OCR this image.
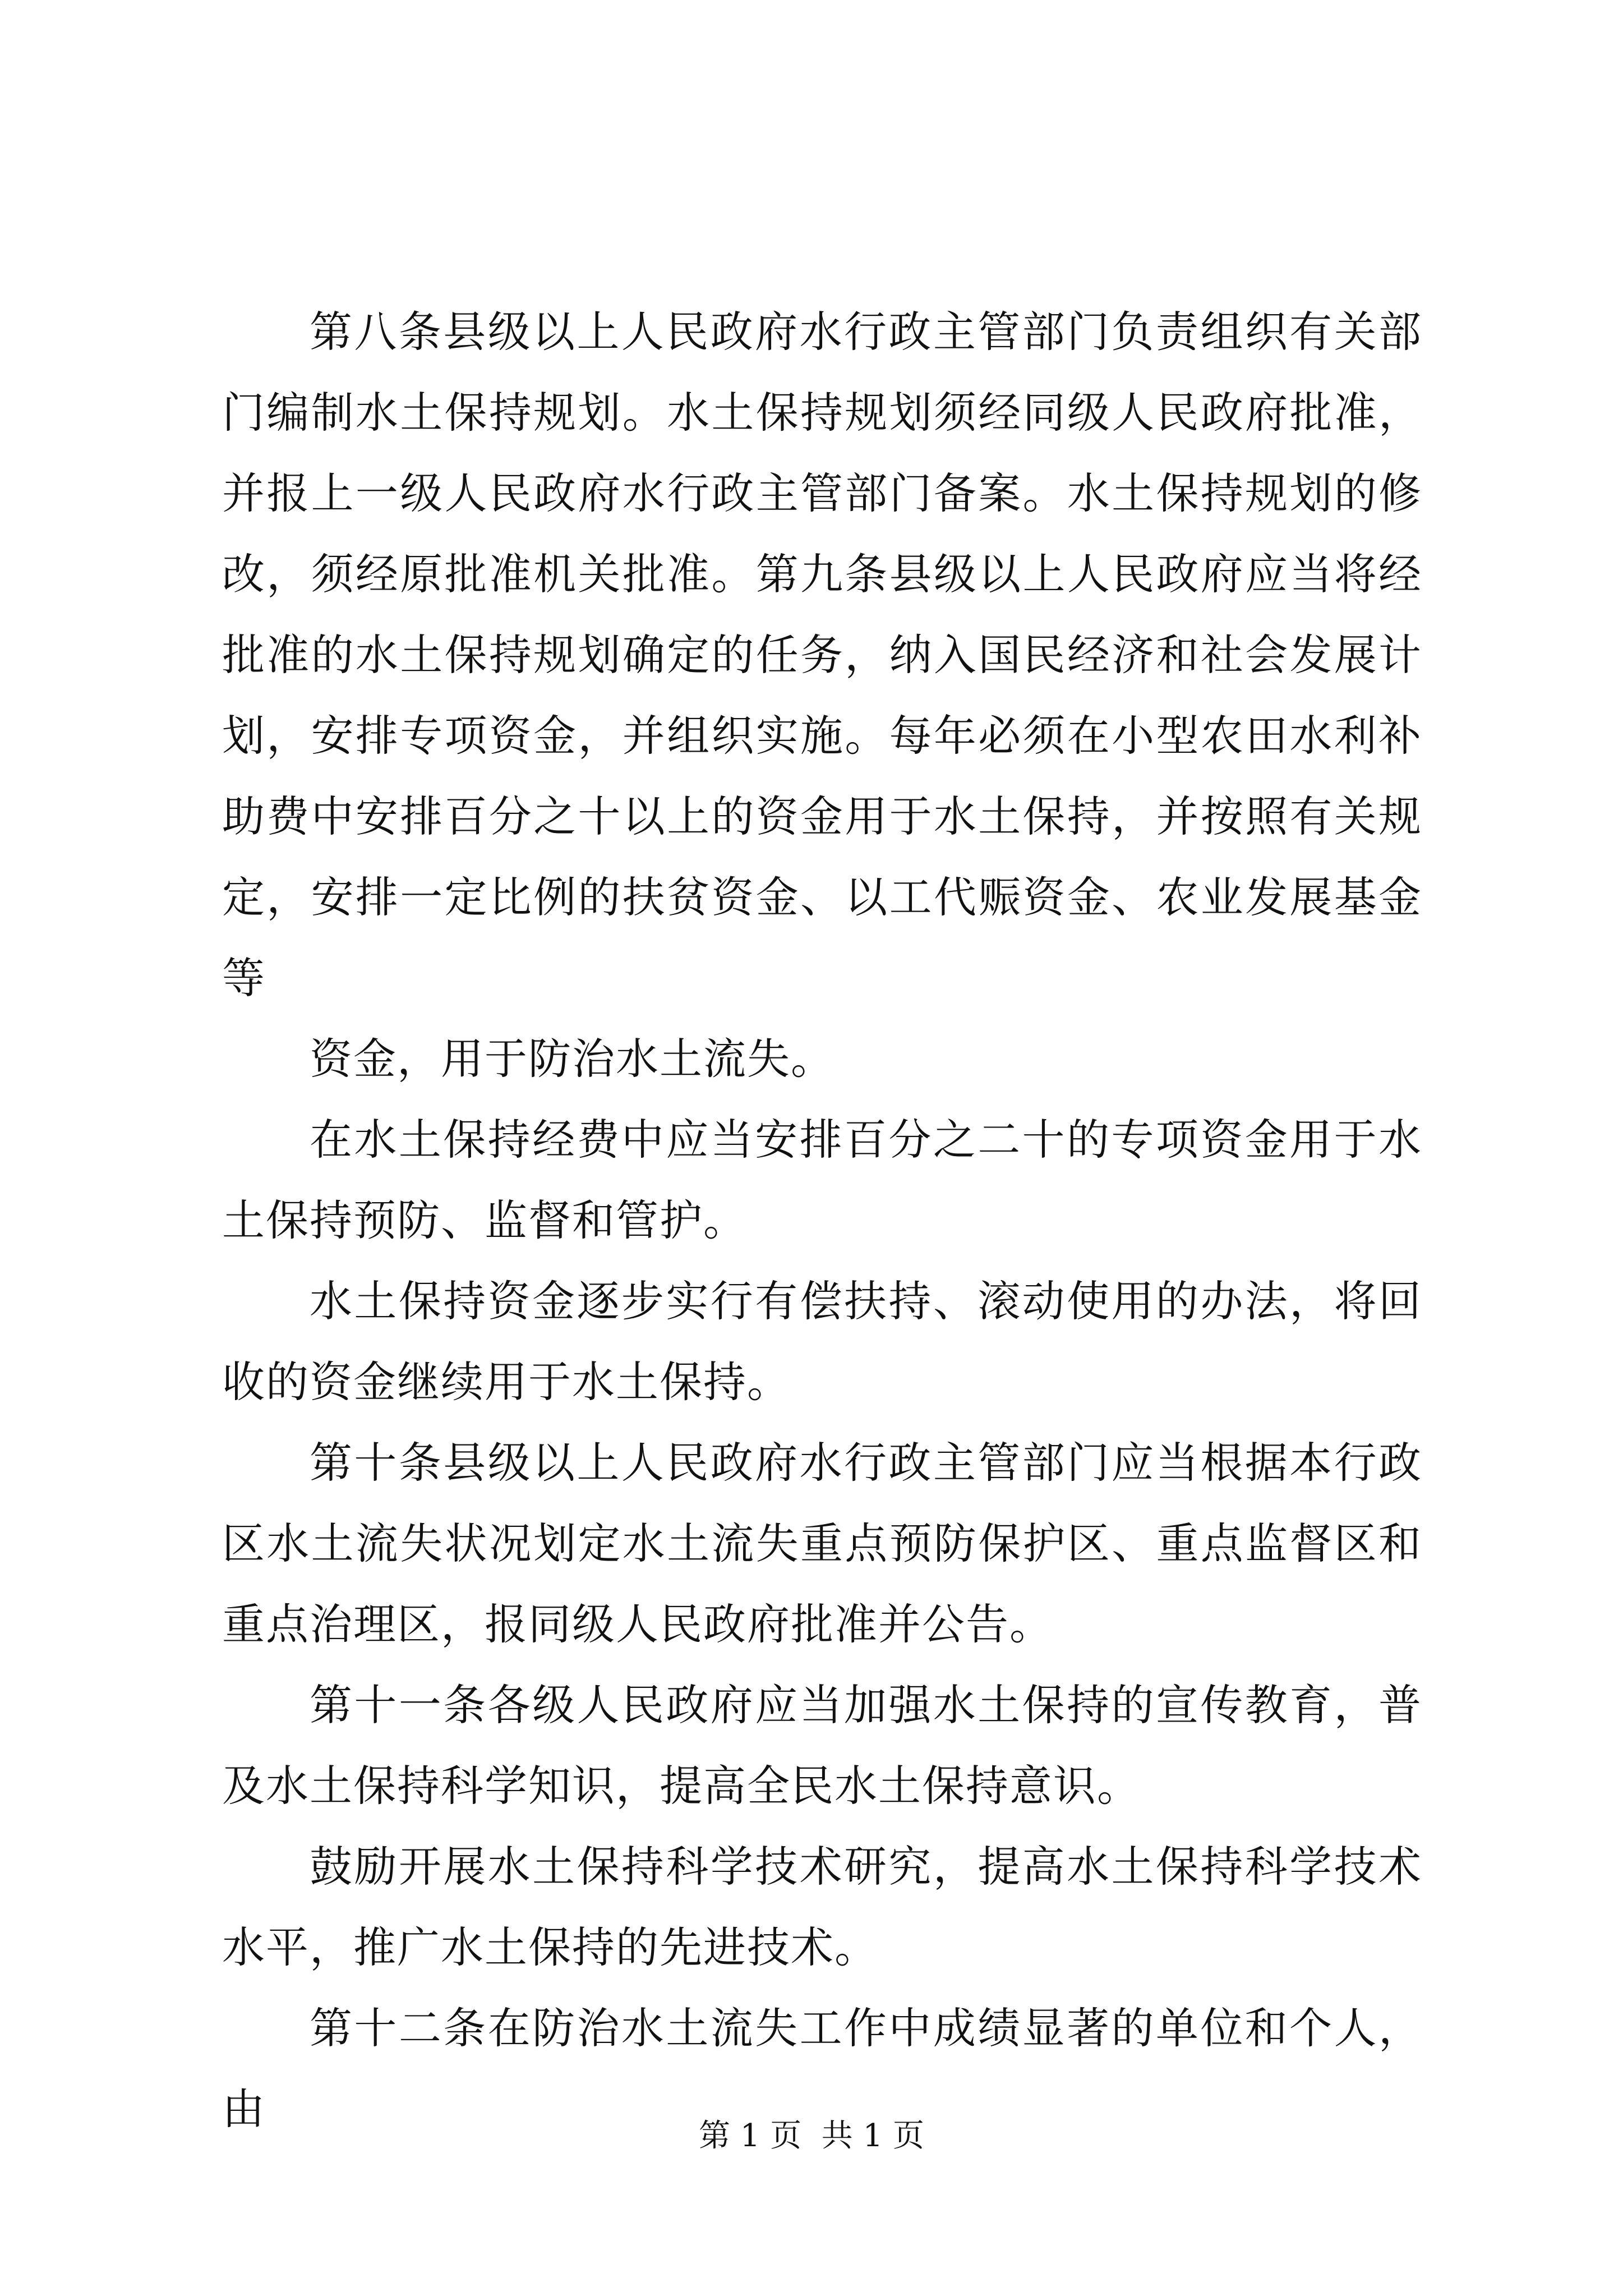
第八条县级以上人民政府水行政主管部门负责组织有关部门编制水土保持规划。水土保持规划须经同级人民政府批准，并报上一级人民政府水行政主管部门备案。水土保持规划的修改，须经原批准机关批准。第九条县级以上人民政府应当将经批准的水土保持规划确定的任务，纳入国民经济和社会发展计划，安排专项资金，并组织实施。每年必须在小型农田水利补助费中安排百分之十以上的资金用于水土保持，并按照有关规定，安排一定比例的扶贫资金、以工代赈资金、农业发展基金等

资金，用于防治水土流失。

在水土保持经费中应当安排百分之二十的专项资金用于水土保持预防、监督和管护。

水土保持资金逐步实行有偿扶持、滚动使用的办法，将回收的资金继续用于水土保持。

第十条县级以上人民政府水行政主管部门应当根据本行政区水土流失状况划定水土流失重点预防保护区、重点监督区和重点治理区，报同级人民政府批准并公告。

第十一条各级人民政府应当加强水土保持的宣传教育，普及水土保持科学知识，提高全民水土保持意识。

鼓励开展水土保持科学技术研究，提高水土保持科学技术水平，推广水土保持的先进技术。

第十二条在防治水土流失工作中成绩显著的单位和个人，由

第 1 页  共 1 页
